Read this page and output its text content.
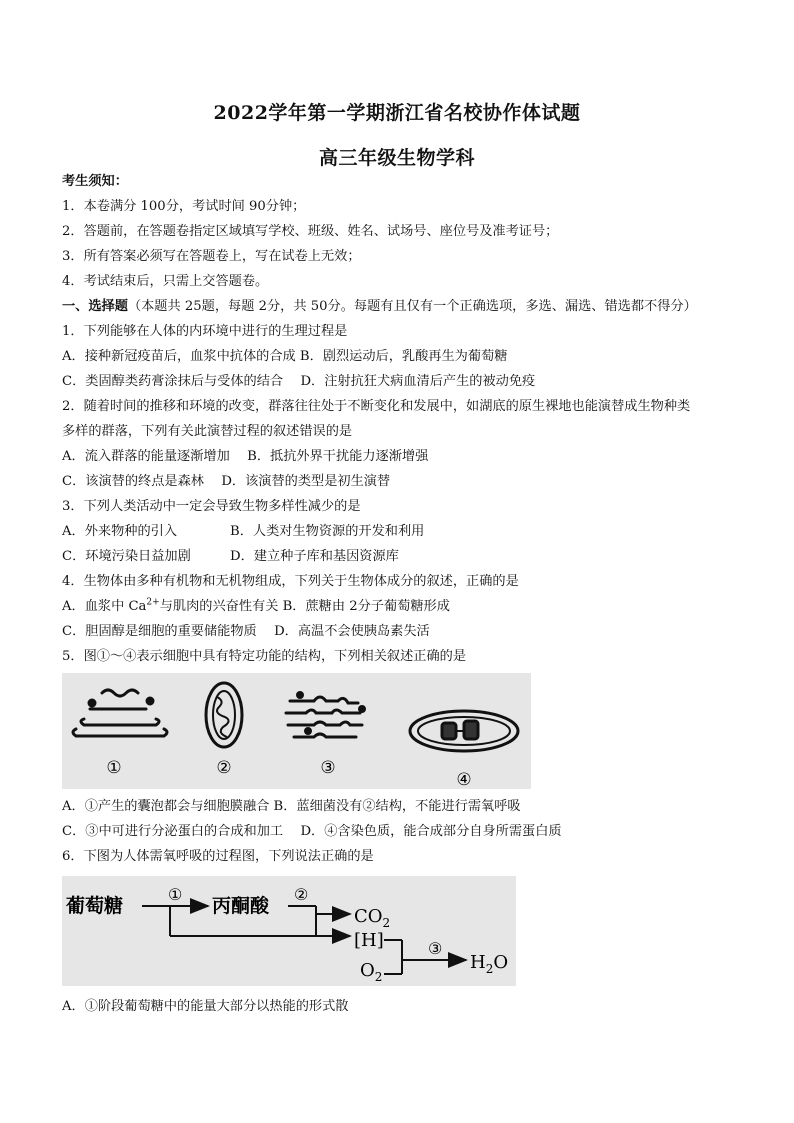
2022学年第一学期浙江省名校协作体试题
高三年级生物学科
考生须知：
1．本卷满分 100分，考试时间 90分钟；
2．答题前，在答题卷指定区域填写学校、班级、姓名、试场号、座位号及准考证号；
3．所有答案必须写在答题卷上，写在试卷上无效；
4．考试结束后，只需上交答题卷。
一、选择题（本题共 25题，每题 2分，共 50分。每题有且仅有一个正确选项，多选、漏选、错选都不得分）
1．下列能够在人体的内环境中进行的生理过程是
A．接种新冠疫苗后，血浆中抗体的合成 B．剧烈运动后，乳酸再生为葡萄糖
C．类固醇类药膏涂抹后与受体的结合　 D．注射抗狂犬病血清后产生的被动免疫
2．随着时间的推移和环境的改变，群落往往处于不断变化和发展中，如湖底的原生裸地也能演替成生物种类
多样的群落，下列有关此演替过程的叙述错误的是
A．流入群落的能量逐渐增加　 B．抵抗外界干扰能力逐渐增强
C．该演替的终点是森林　 D．该演替的类型是初生演替
3．下列人类活动中一定会导致生物多样性减少的是
A．外来物种的引入	B．人类对生物资源的开发和利用
C．环境污染日益加剧	D．建立种子库和基因资源库
4．生物体由多种有机物和无机物组成，下列关于生物体成分的叙述，正确的是
A．血浆中 $Ca^{2+}$与肌肉的兴奋性有关 B．蔗糖由 2分子葡萄糖形成
C．胆固醇是细胞的重要储能物质　 D．高温不会使胰岛素失活
5．图①～④表示细胞中具有特定功能的结构，下列相关叙述正确的是
①	②	③
④
A．①产生的囊泡都会与细胞膜融合 B．蓝细菌没有②结构，不能进行需氧呼吸
C．③中可进行分泌蛋白的合成和加工　 D．④含染色质，能合成部分自身所需蛋白质
6．下图为人体需氧呼吸的过程图，下列说法正确的是
葡萄糖
①
丙酮酸
②
$CO_2$
[H]
$O_2$
③
$H_2O$
A．①阶段葡萄糖中的能量大部分以热能的形式散
